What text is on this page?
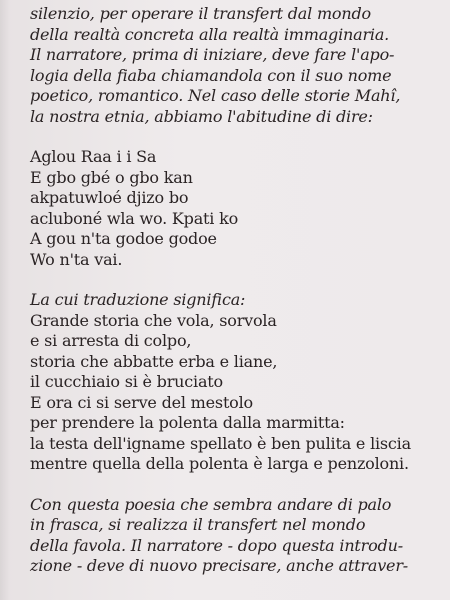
silenzio, per operare il transfert dal mondo
della realtà concreta alla realtà immaginaria.
Il narratore, prima di iniziare, deve fare l'apo-
logia della fiaba chiamandola con il suo nome
poetico, romantico. Nel caso delle storie Mahî,
la nostra etnia, abbiamo l'abitudine di dire:
Aglou Raa i i Sa
E gbo gbé o gbo kan
akpatuwloé djizo bo
aclubоné wla wo. Kpati ko
A gou n'ta godoe godoe
Wo n'ta vai.
La cui traduzione significa:
Grande storia che vola, sorvola
e si arresta di colpo,
storia che abbatte erba e liane,
il cucchiaio si è bruciato
E ora ci si serve del mestolo
per prendere la polenta dalla marmitta:
la testa dell'igname spellato è ben pulita e liscia
mentre quella della polenta è larga e penzoloni.
Con questa poesia che sembra andare di palo
in frasca, si realizza il transfert nel mondo
della favola. Il narratore - dopo questa introdu-
zione - deve di nuovo precisare, anche attraver-
